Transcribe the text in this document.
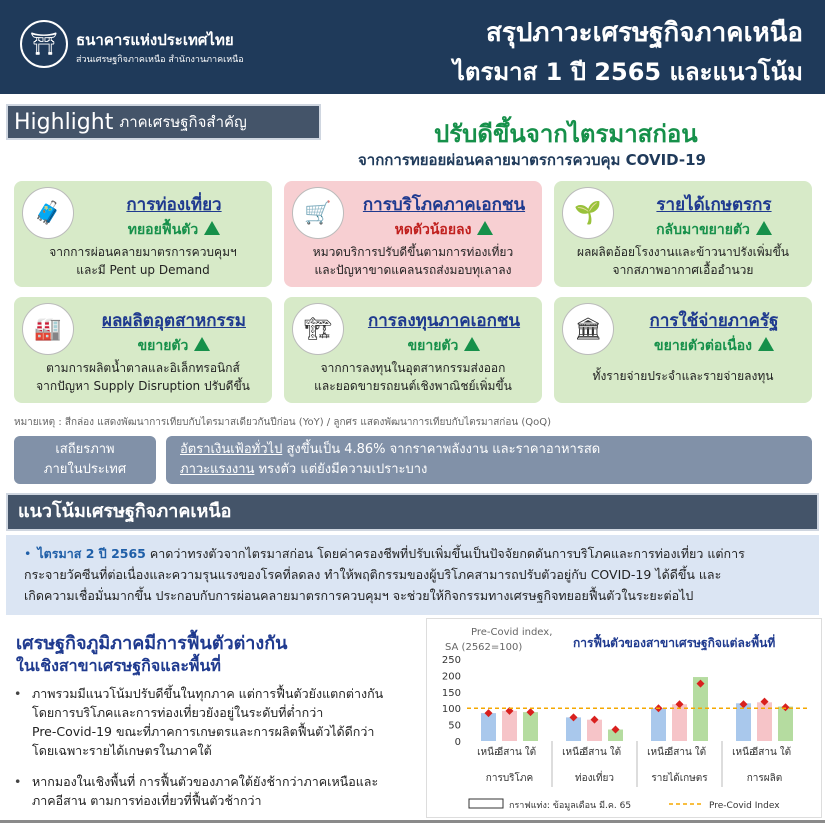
⛩	ธนาคารแห่งประเทศไทย
ส่วนเศรษฐกิจภาคเหนือ สำนักงานภาคเหนือ
สรุปภาวะเศรษฐกิจภาคเหนือ
ไตรมาส 1 ปี 2565 และแนวโน้ม
Highlight ภาคเศรษฐกิจสำคัญ	ปรับดีขึ้นจากไตรมาสก่อน
จากการทยอยผ่อนคลายมาตรการควบคุม COVID-19
🧳	การท่องเที่ยว
ทยอยฟื้นตัว
จากการผ่อนคลายมาตรการควบคุมฯ
และมี Pent up Demand
🛒	การบริโภคภาคเอกชน
หดตัวน้อยลง
หมวดบริการปรับดีขึ้นตามการท่องเที่ยว
และปัญหาขาดแคลนรถส่งมอบทุเลาลง
🌱	รายได้เกษตรกร
กลับมาขยายตัว
ผลผลิตอ้อยโรงงานและข้าวนาปรังเพิ่มขึ้น
จากสภาพอากาศเอื้ออำนวย
🏭	ผลผลิตอุตสาหกรรม
ขยายตัว
ตามการผลิตน้ำตาลและอิเล็กทรอนิกส์
จากปัญหา Supply Disruption ปรับดีขึ้น
🏗	การลงทุนภาคเอกชน
ขยายตัว
จากการลงทุนในอุตสาหกรรมส่งออก
และยอดขายรถยนต์เชิงพาณิชย์เพิ่มขึ้น
🏛	การใช้จ่ายภาครัฐ
ขยายตัวต่อเนื่อง
ทั้งรายจ่ายประจำและรายจ่ายลงทุน
หมายเหตุ : สีกล่อง แสดงพัฒนาการเทียบกับไตรมาสเดียวกันปีก่อน (YoY) / ลูกศร แสดงพัฒนาการเทียบกับไตรมาสก่อน (QoQ)
เสถียรภาพ
ภายในประเทศ
อัตราเงินเฟ้อทั่วไป สูงขึ้นเป็น 4.86% จากราคาพลังงาน และราคาอาหารสด
ภาวะแรงงาน ทรงตัว แต่ยังมีความเปราะบาง
แนวโน้มเศรษฐกิจภาคเหนือ
• ไตรมาส 2 ปี 2565 คาดว่าทรงตัวจากไตรมาสก่อน โดยค่าครองชีพที่ปรับเพิ่มขึ้นเป็นปัจจัยกดดันการบริโภคและการท่องเที่ยว แต่การ
กระจายวัคซีนที่ต่อเนื่องและความรุนแรงของโรคที่ลดลง ทำให้พฤติกรรมของผู้บริโภคสามารถปรับตัวอยู่กับ COVID-19 ได้ดีขึ้น และ
เกิดความเชื่อมั่นมากขึ้น ประกอบกับการผ่อนคลายมาตรการควบคุมฯ จะช่วยให้กิจกรรมทางเศรษฐกิจทยอยฟื้นตัวในระยะต่อไป
เศรษฐกิจภูมิภาคมีการฟื้นตัวต่างกัน
ในเชิงสาขาเศรษฐกิจและพื้นที่
• ภาพรวมมีแนวโน้มปรับดีขึ้นในทุกภาค แต่การฟื้นตัวยังแตกต่างกัน
โดยการบริโภคและการท่องเที่ยวยังอยู่ในระดับที่ต่ำกว่า
Pre-Covid-19 ขณะที่ภาคการเกษตรและการผลิตฟื้นตัวได้ดีกว่า
โดยเฉพาะรายได้เกษตรในภาคใต้
• หากมองในเชิงพื้นที่ การฟื้นตัวของภาคใต้ยังช้ากว่าภาคเหนือและ
ภาคอีสาน ตามการท่องเที่ยวที่ฟื้นตัวช้ากว่า
Pre-Covid index,
SA (2562=100)	การฟื้นตัวของสาขาเศรษฐกิจแต่ละพื้นที่
0
50
100
150
200
250
เหนือ
อีสาน ใต้
การบริโภค
เหนือ
อีสาน ใต้
ท่องเที่ยว
เหนือ
อีสาน ใต้
รายได้เกษตร
เหนือ
อีสาน ใต้
การผลิต
กราฟแท่ง: ข้อมูลเดือน มี.ค. 65	Pre-Covid Index
